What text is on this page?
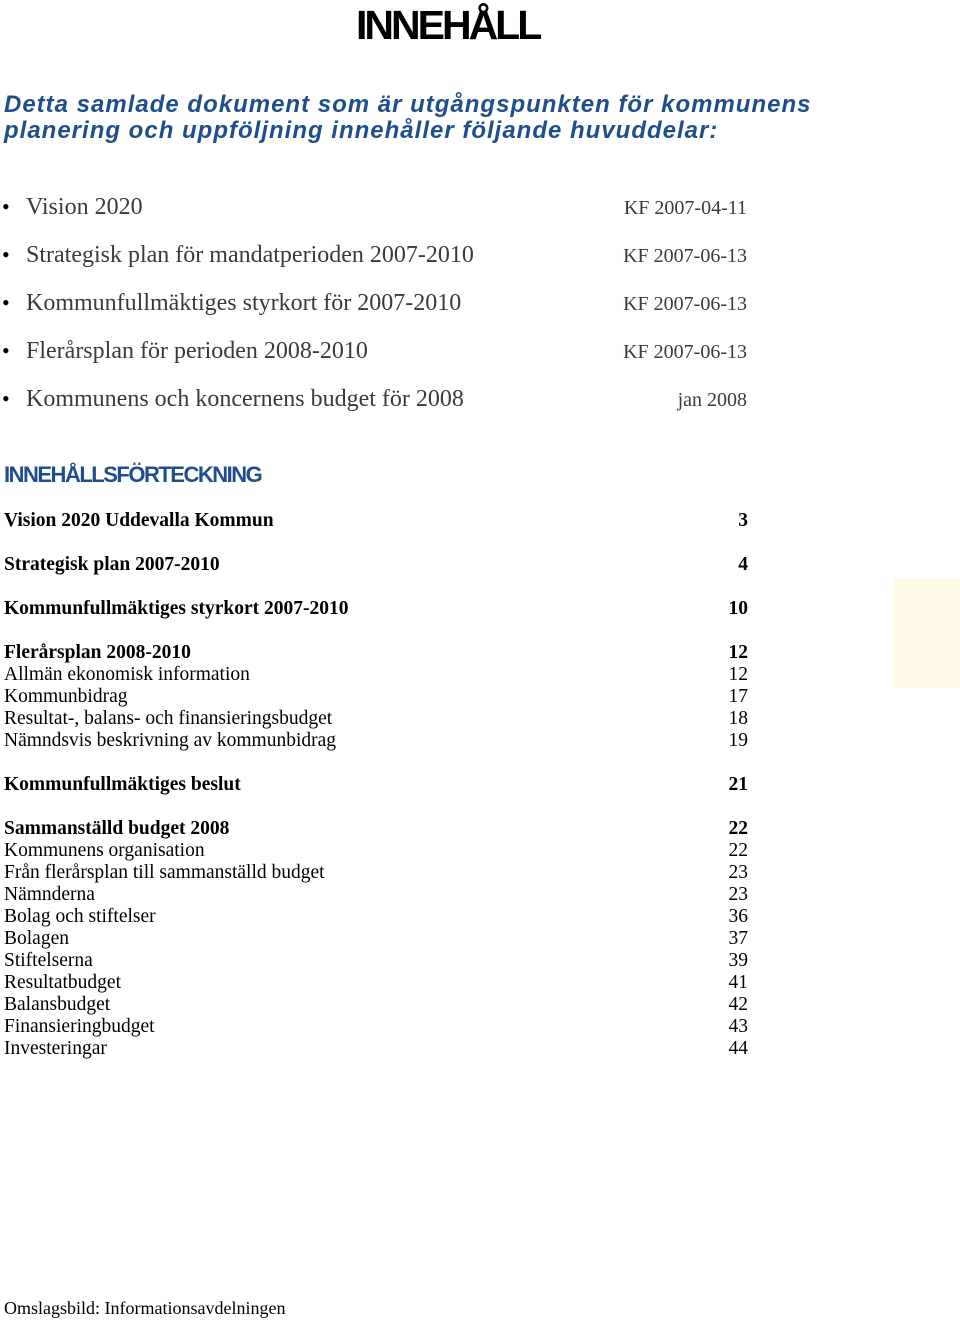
INNEHÅLL

Detta samlade dokument som är utgångspunkten för kommunens planering och uppföljning innehåller följande huvuddelar:

• Vision 2020	KF 2007-04-11
• Strategisk plan för mandatperioden 2007-2010	KF 2007-06-13
• Kommunfullmäktiges styrkort för 2007-2010	KF 2007-06-13
• Flerårsplan för perioden 2008-2010	KF 2007-06-13
• Kommunens och koncernens budget för 2008	jan 2008
INNEHÅLLSFÖRTECKNING
Vision 2020 Uddevalla Kommun	3
Strategisk plan 2007-2010	4
Kommunfullmäktiges styrkort 2007-2010	10
Flerårsplan 2008-2010	12
Allmän ekonomisk information	12
Kommunbidrag	17
Resultat-, balans- och finansieringsbudget	18
Nämndsvis beskrivning av kommunbidrag	19
Kommunfullmäktiges beslut	21
Sammanställd budget 2008	22
Kommunens organisation	22
Från flerårsplan till sammanställd budget	23
Nämnderna	23
Bolag och stiftelser	36
Bolagen	37
Stiftelserna	39
Resultatbudget	41
Balansbudget	42
Finansieringbudget	43
Investeringar	44
Omslagsbild: Informationsavdelningen
